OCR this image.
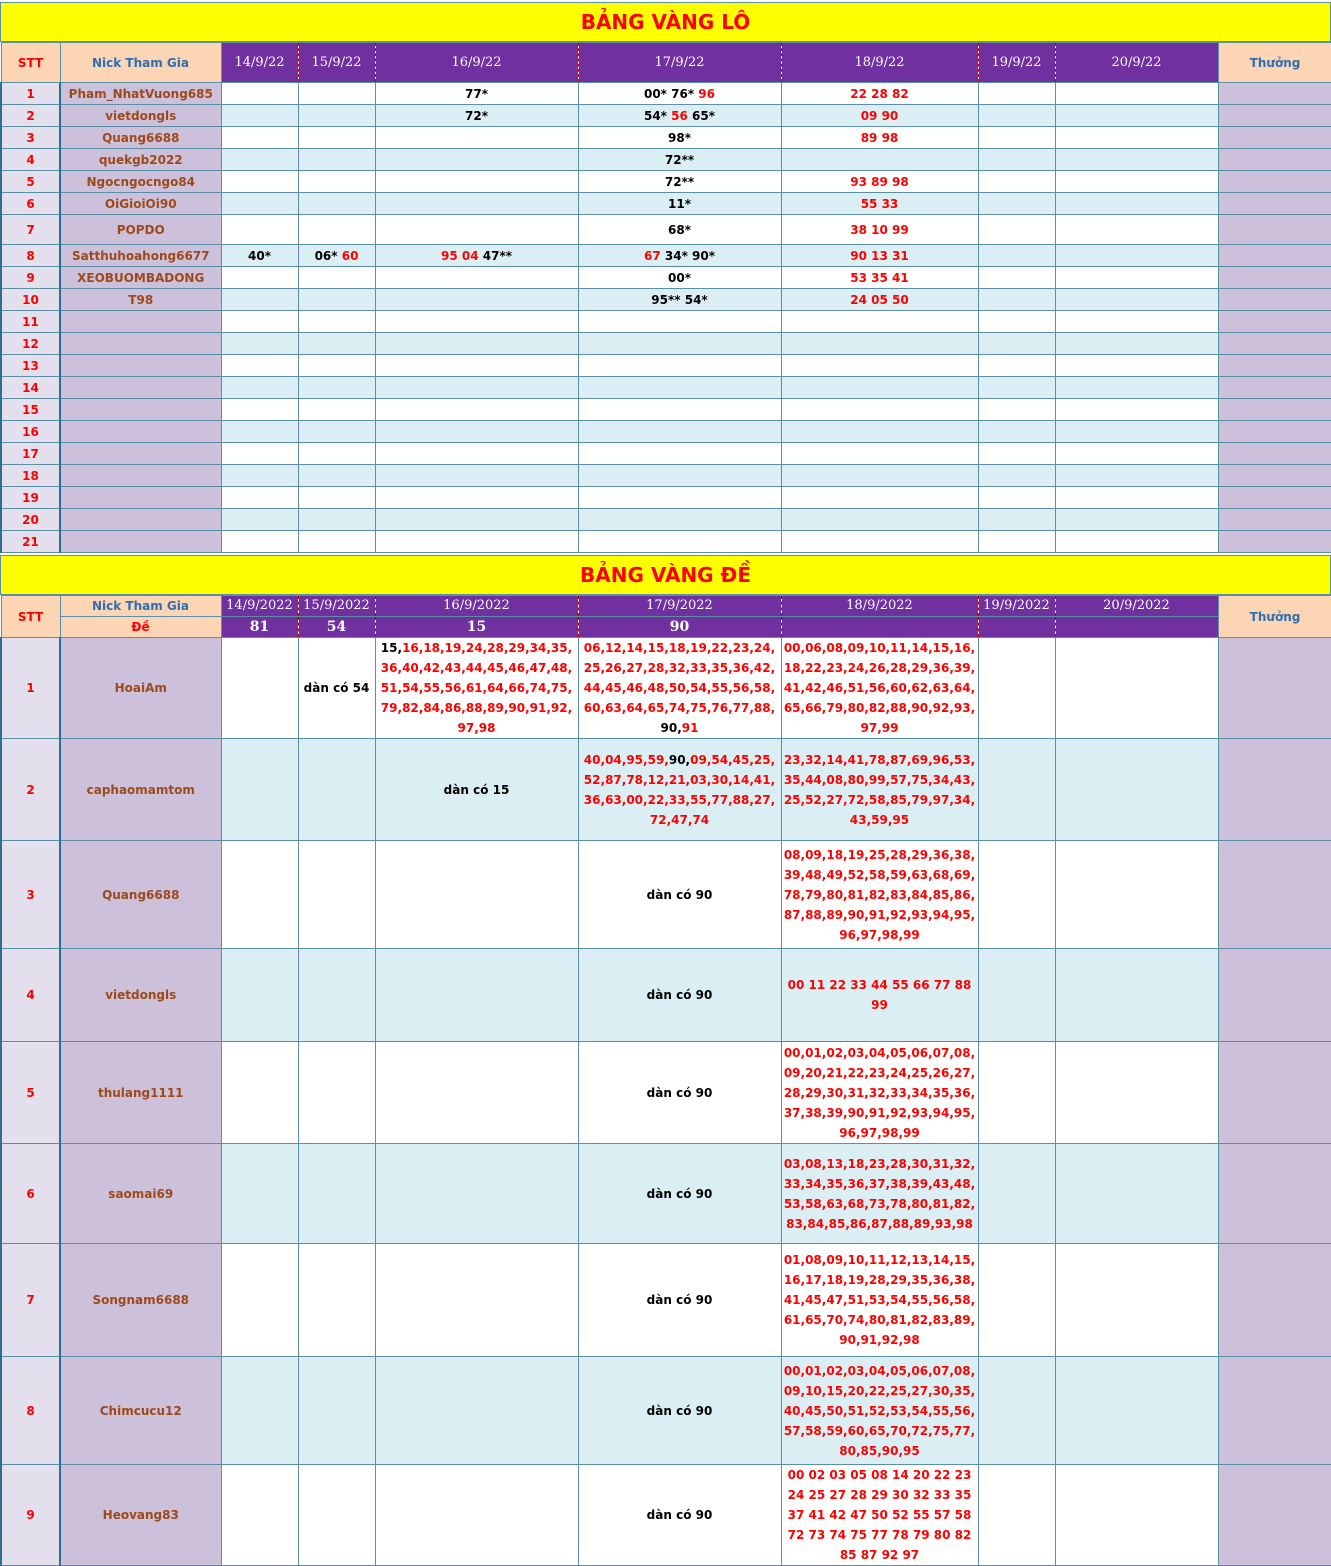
BẢNG VÀNG LÔ
STT	Nick Tham Gia	14/9/22	15/9/22	16/9/22	17/9/22	18/9/22	19/9/22	20/9/22	Thưởng
1	Pham_NhatVuong685			77*	00* 76* 96	22 28 82			
2	vietdongls			72*	54* 56 65*	09 90			
3	Quang6688				98*	89 98			
4	quekgb2022				72**				
5	Ngocngocngo84				72**	93 89 98			
6	OiGioiOi90				11*	55 33			
7	POPDO				68*	38 10 99			
8	Satthuhoahong6677	40*	06* 60	95 04 47**	67 34* 90*	90 13 31			
9	XEOBUOMBADONG				00*	53 35 41			
10	T98				95** 54*	24 05 50			
11									
12									
13									
14									
15									
16									
17									
18									
19									
20									
21									
BẢNG VÀNG ĐỀ
STT	Nick Tham Gia	14/9/2022	15/9/2022	16/9/2022	17/9/2022	18/9/2022	19/9/2022	20/9/2022	Thưởng
	Đề	81	54	15	90				
1	HoaiAm		dàn có 54	15,16,18,19,24,28,29,34,35,36,40,42,43,44,45,46,47,48,51,54,55,56,61,64,66,74,75,79,82,84,86,88,89,90,91,92,97,98	06,12,14,15,18,19,22,23,24,25,26,27,28,32,33,35,36,42,44,45,46,48,50,54,55,56,58,60,63,64,65,74,75,76,77,88,90,91	00,06,08,09,10,11,14,15,16,18,22,23,24,26,28,29,36,39,41,42,46,51,56,60,62,63,64,65,66,79,80,82,88,90,92,93,97,99			
2	caphaomamtom			dàn có 15	40,04,95,59,90,09,54,45,25,52,87,78,12,21,03,30,14,41,36,63,00,22,33,55,77,88,27,72,47,74	23,32,14,41,78,87,69,96,53,35,44,08,80,99,57,75,34,43,25,52,27,72,58,85,79,97,34,43,59,95			
3	Quang6688				dàn có 90	08,09,18,19,25,28,29,36,38,39,48,49,52,58,59,63,68,69,78,79,80,81,82,83,84,85,86,87,88,89,90,91,92,93,94,95,96,97,98,99			
4	vietdongls				dàn có 90	00 11 22 33 44 55 66 77 88 99			
5	thulang1111				dàn có 90	00,01,02,03,04,05,06,07,08,09,20,21,22,23,24,25,26,27,28,29,30,31,32,33,34,35,36,37,38,39,90,91,92,93,94,95,96,97,98,99			
6	saomai69				dàn có 90	03,08,13,18,23,28,30,31,32,33,34,35,36,37,38,39,43,48,53,58,63,68,73,78,80,81,82,83,84,85,86,87,88,89,93,98			
7	Songnam6688				dàn có 90	01,08,09,10,11,12,13,14,15,16,17,18,19,28,29,35,36,38,41,45,47,51,53,54,55,56,58,61,65,70,74,80,81,82,83,89,90,91,92,98			
8	Chimcucu12				dàn có 90	00,01,02,03,04,05,06,07,08,09,10,15,20,22,25,27,30,35,40,45,50,51,52,53,54,55,56,57,58,59,60,65,70,72,75,77,80,85,90,95			
9	Heovang83				dàn có 90	00 02 03 05 08 14 20 22 23 24 25 27 28 29 30 32 33 35 37 41 42 47 50 52 55 57 58 72 73 74 75 77 78 79 80 82 85 87 92 97			
